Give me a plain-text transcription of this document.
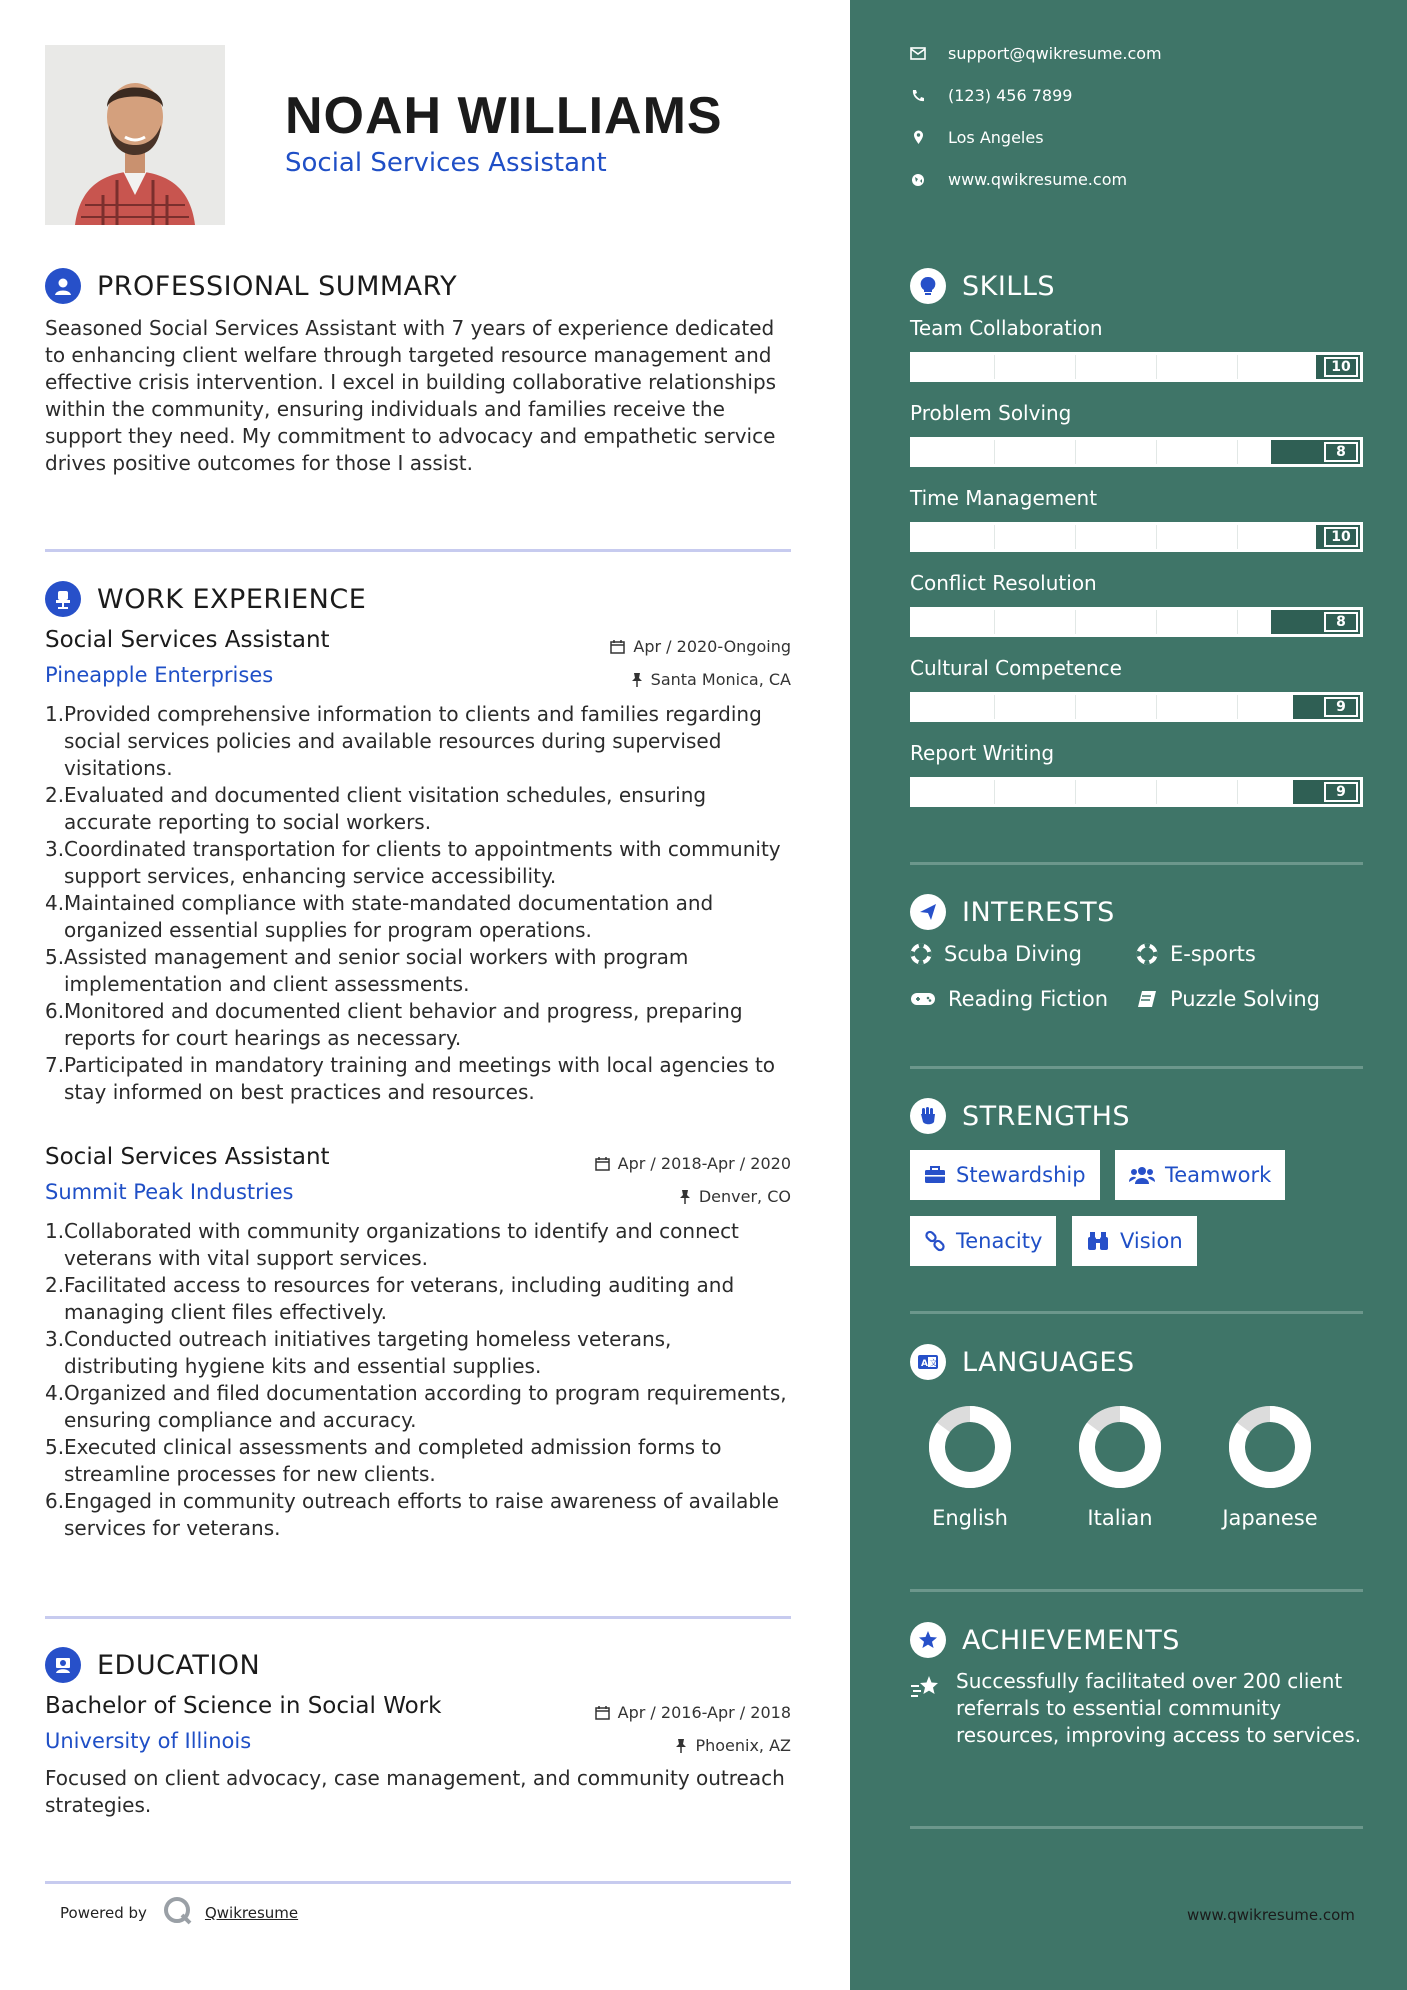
NOAH WILLIAMS
Social Services Assistant
PROFESSIONAL SUMMARY
Seasoned Social Services Assistant with 7 years of experience dedicated to enhancing client welfare through targeted resource management and effective crisis intervention. I excel in building collaborative relationships within the community, ensuring individuals and families receive the support they need. My commitment to advocacy and empathetic service drives positive outcomes for those I assist.
WORK EXPERIENCE
Social Services Assistant	Apr / 2020-Ongoing
Pineapple Enterprises	Santa Monica, CA
1. Provided comprehensive information to clients and families regarding social services policies and available resources during supervised visitations.
2. Evaluated and documented client visitation schedules, ensuring accurate reporting to social workers.
3. Coordinated transportation for clients to appointments with community support services, enhancing service accessibility.
4. Maintained compliance with state-mandated documentation and organized essential supplies for program operations.
5. Assisted management and senior social workers with program implementation and client assessments.
6. Monitored and documented client behavior and progress, preparing reports for court hearings as necessary.
7. Participated in mandatory training and meetings with local agencies to stay informed on best practices and resources.
Social Services Assistant	Apr / 2018-Apr / 2020
Summit Peak Industries	Denver, CO
1. Collaborated with community organizations to identify and connect veterans with vital support services.
2. Facilitated access to resources for veterans, including auditing and managing client files effectively.
3. Conducted outreach initiatives targeting homeless veterans, distributing hygiene kits and essential supplies.
4. Organized and filed documentation according to program requirements, ensuring compliance and accuracy.
5. Executed clinical assessments and completed admission forms to streamline processes for new clients.
6. Engaged in community outreach efforts to raise awareness of available services for veterans.
EDUCATION
Bachelor of Science in Social Work	Apr / 2016-Apr / 2018
University of Illinois	Phoenix, AZ
Focused on client advocacy, case management, and community outreach strategies.
Powered by	Qwikresume
support@qwikresume.com
(123) 456 7899
Los Angeles
www.qwikresume.com
SKILLS
Team Collaboration
10
Problem Solving
8
Time Management
10
Conflict Resolution
8
Cultural Competence
9
Report Writing
9
INTERESTS
Scuba Diving	E-sports
Reading Fiction	Puzzle Solving
STRENGTHS
Stewardship	Teamwork
Tenacity	Vision
A 文 LANGUAGES
English	Italian	Japanese
ACHIEVEMENTS
Successfully facilitated over 200 client referrals to essential community resources, improving access to services.
www.qwikresume.com
